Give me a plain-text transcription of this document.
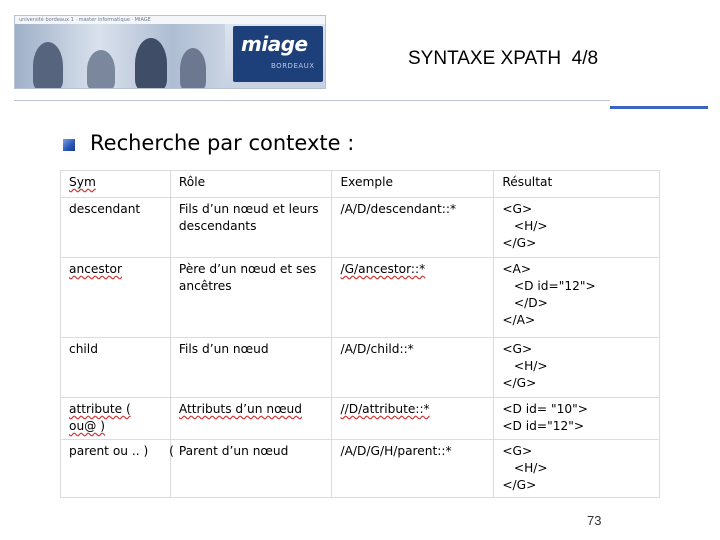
université bordeaux 1 · master informatique · MIAGE
miage
BORDEAUX	SYNTAXE XPATH  4/8
Recherche par contexte :
Sym	Rôle	Exemple	Résultat
descendant	Fils d’un nœud et leurs descendants	/A/D/descendant::*	<G>
<H/>
</G>

ancestor	Père d’un nœud et ses ancêtres	/G/ancestor::*	<A>
<D id="12">
</D>
</A>

child	Fils d’un nœud	/A/D/child::*	<G>
<H/>
</G>

attribute ( ou@ )	Attributs d’un nœud	//D/attribute::*	<D id= "10">
<D id="12">

parent ou .. ) (	Parent d’un nœud	/A/D/G/H/parent::*	<G>
<H/>
</G>
73
